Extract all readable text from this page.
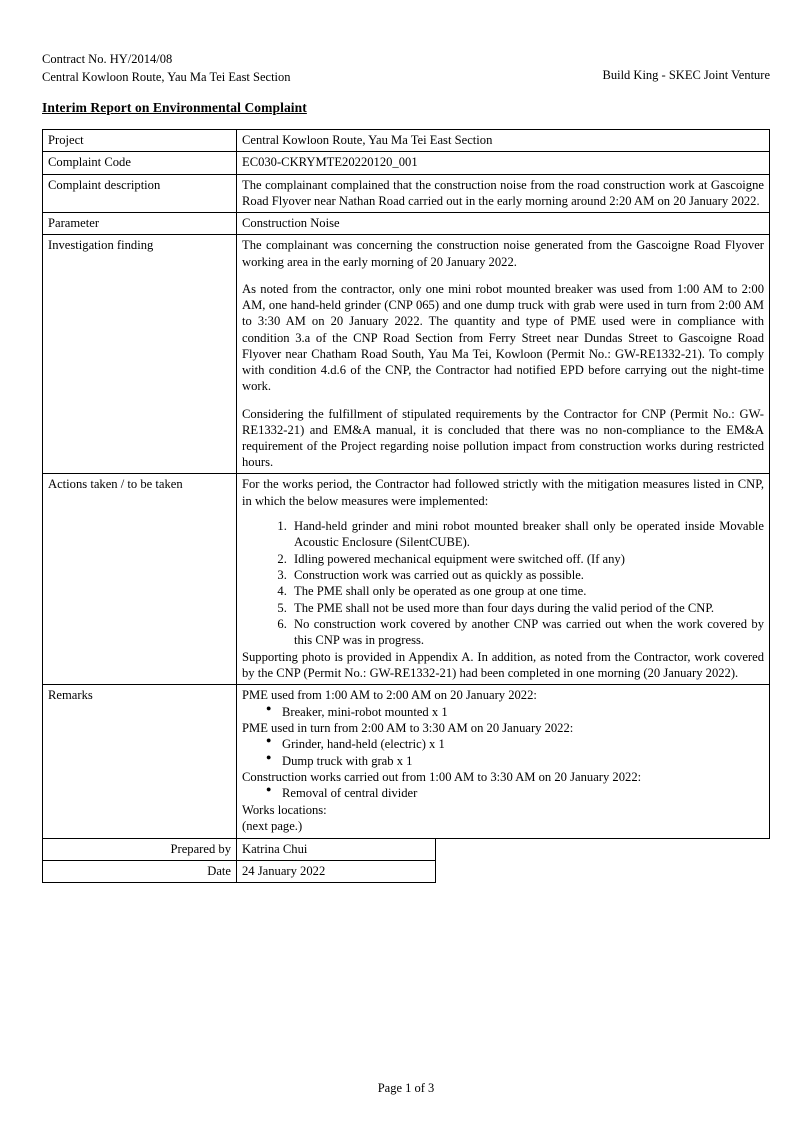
Contract No. HY/2014/08
Central Kowloon Route, Yau Ma Tei East Section	Build King - SKEC Joint Venture
Interim Report on Environmental Complaint
Project	Central Kowloon Route, Yau Ma Tei East Section
Complaint Code	EC030-CKRYMTE20220120_001
Complaint description	The complainant complained that the construction noise from the road construction work at Gascoigne Road Flyover near Nathan Road carried out in the early morning around 2:20 AM on 20 January 2022.
Parameter	Construction Noise
Investigation finding	The complainant was concerning the construction noise generated from the Gascoigne Road Flyover working area in the early morning of 20 January 2022.
As noted from the contractor, only one mini robot mounted breaker was used from 1:00 AM to 2:00 AM, one hand-held grinder (CNP 065) and one dump truck with grab were used in turn from 2:00 AM to 3:30 AM on 20 January 2022. The quantity and type of PME used were in compliance with condition 3.a of the CNP Road Section from Ferry Street near Dundas Street to Gascoigne Road Flyover near Chatham Road South, Yau Ma Tei, Kowloon (Permit No.: GW-RE1332-21). To comply with condition 4.d.6 of the CNP, the Contractor had notified EPD before carrying out the night-time work.
Considering the fulfillment of stipulated requirements by the Contractor for CNP (Permit No.: GW-RE1332-21) and EM&A manual, it is concluded that there was no non-compliance to the EM&A requirement of the Project regarding noise pollution impact from construction works during restricted hours.

Actions taken / to be taken	For the works period, the Contractor had followed strictly with the mitigation measures listed in CNP, in which the below measures were implemented:
1. Hand-held grinder and mini robot mounted breaker shall only be operated inside Movable Acoustic Enclosure (SilentCUBE).
2. Idling powered mechanical equipment were switched off. (If any)
3. Construction work was carried out as quickly as possible.
4. The PME shall only be operated as one group at one time.
5. The PME shall not be used more than four days during the valid period of the CNP.
6. No construction work covered by another CNP was carried out when the work covered by this CNP was in progress.
Supporting photo is provided in Appendix A. In addition, as noted from the Contractor, work covered by the CNP (Permit No.: GW-RE1332-21) had been completed in one morning (20 January 2022).

Remarks	PME used from 1:00 AM to 2:00 AM on 20 January 2022:
● Breaker, mini-robot mounted x 1
PME used in turn from 2:00 AM to 3:30 AM on 20 January 2022:
● Grinder, hand-held (electric) x 1
● Dump truck with grab x 1
Construction works carried out from 1:00 AM to 3:30 AM on 20 January 2022:
● Removal of central divider
Works locations:
(next page.)
Prepared by	Katrina Chui
Date	24 January 2022
Page 1 of 3
